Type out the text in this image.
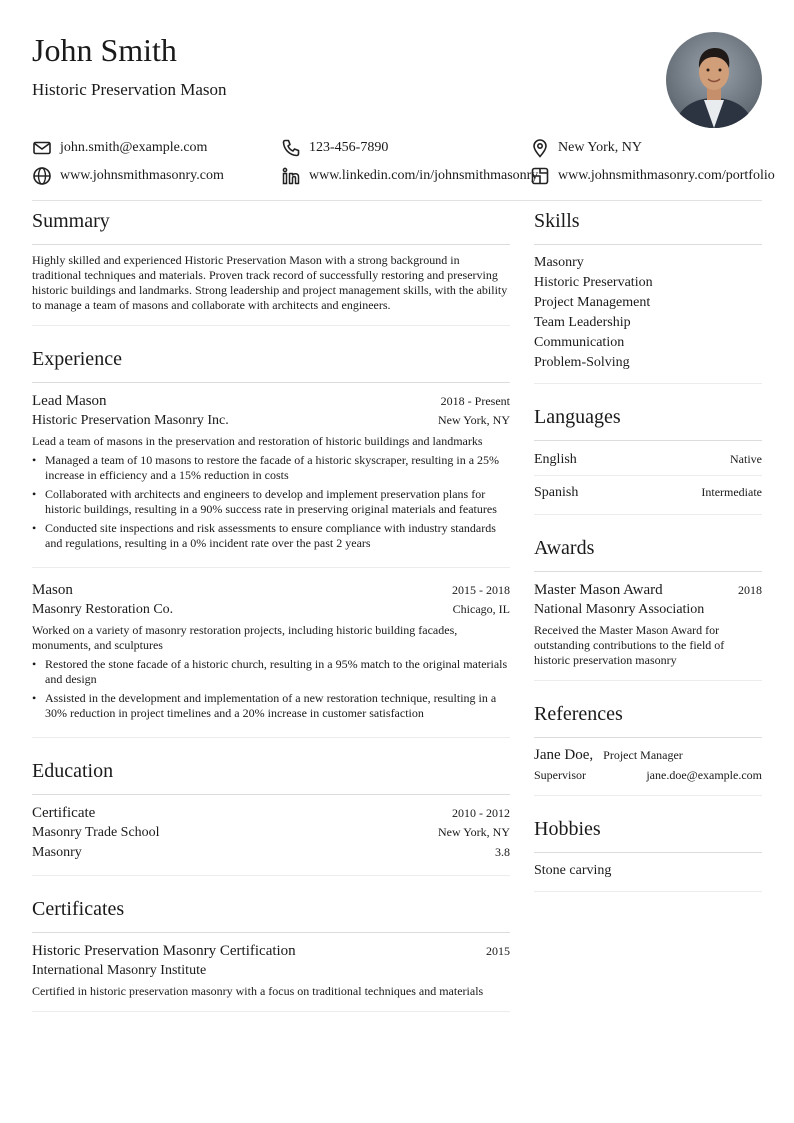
John Smith
Historic Preservation Mason
john.smith@example.com	123-456-7890	New York, NY
www.johnsmithmasonry.com	www.linkedin.com/in/johnsmithmasonry www.johnsmithmasonry.com/portfolio
Summary
Highly skilled and experienced Historic Preservation Mason with a strong background in traditional techniques and materials. Proven track record of successfully restoring and preserving historic buildings and landmarks. Strong leadership and project management skills, with the ability to manage a team of masons and collaborate with architects and engineers.
Experience
Lead Mason	2018 - Present
Historic Preservation Masonry Inc.	New York, NY
Lead a team of masons in the preservation and restoration of historic buildings and landmarks
• Managed a team of 10 masons to restore the facade of a historic skyscraper, resulting in a 25% increase in efficiency and a 15% reduction in costs
• Collaborated with architects and engineers to develop and implement preservation plans for historic buildings, resulting in a 90% success rate in preserving original materials and features
• Conducted site inspections and risk assessments to ensure compliance with industry standards and regulations, resulting in a 0% incident rate over the past 2 years
Mason	2015 - 2018
Masonry Restoration Co.	Chicago, IL
Worked on a variety of masonry restoration projects, including historic building facades, monuments, and sculptures
• Restored the stone facade of a historic church, resulting in a 95% match to the original materials and design
• Assisted in the development and implementation of a new restoration technique, resulting in a 30% reduction in project timelines and a 20% increase in customer satisfaction
Education
Certificate	2010 - 2012
Masonry Trade School	New York, NY
Masonry	3.8
Certificates
Historic Preservation Masonry Certification	2015
International Masonry Institute
Certified in historic preservation masonry with a focus on traditional techniques and materials
Skills
Masonry
Historic Preservation
Project Management
Team Leadership
Communication
Problem-Solving
Languages
English	Native
Spanish	Intermediate
Awards
Master Mason Award	2018
National Masonry Association
Received the Master Mason Award for outstanding contributions to the field of historic preservation masonry
References
Jane Doe, Project Manager
Supervisor	jane.doe@example.com
Hobbies
Stone carving
